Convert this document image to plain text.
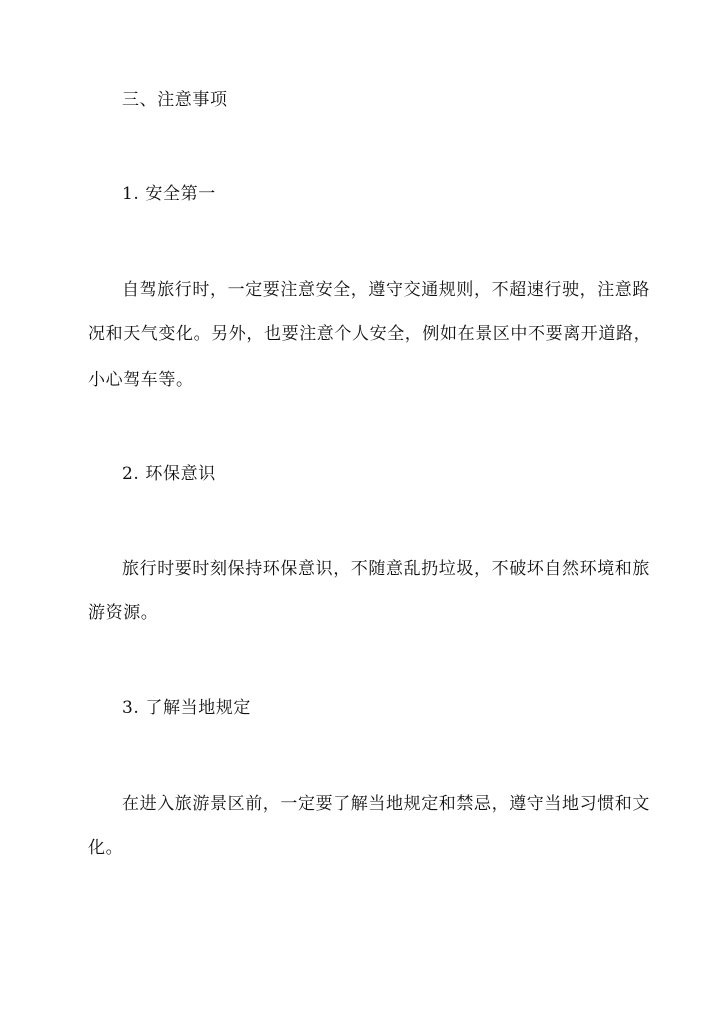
三、注意事项
1. 安全第一
自驾旅行时，一定要注意安全，遵守交通规则，不超速行驶，注意路
况和天气变化。另外，也要注意个人安全，例如在景区中不要离开道路，
小心驾车等。
2. 环保意识
旅行时要时刻保持环保意识，不随意乱扔垃圾，不破坏自然环境和旅
游资源。
3. 了解当地规定
在进入旅游景区前，一定要了解当地规定和禁忌，遵守当地习惯和文
化。
